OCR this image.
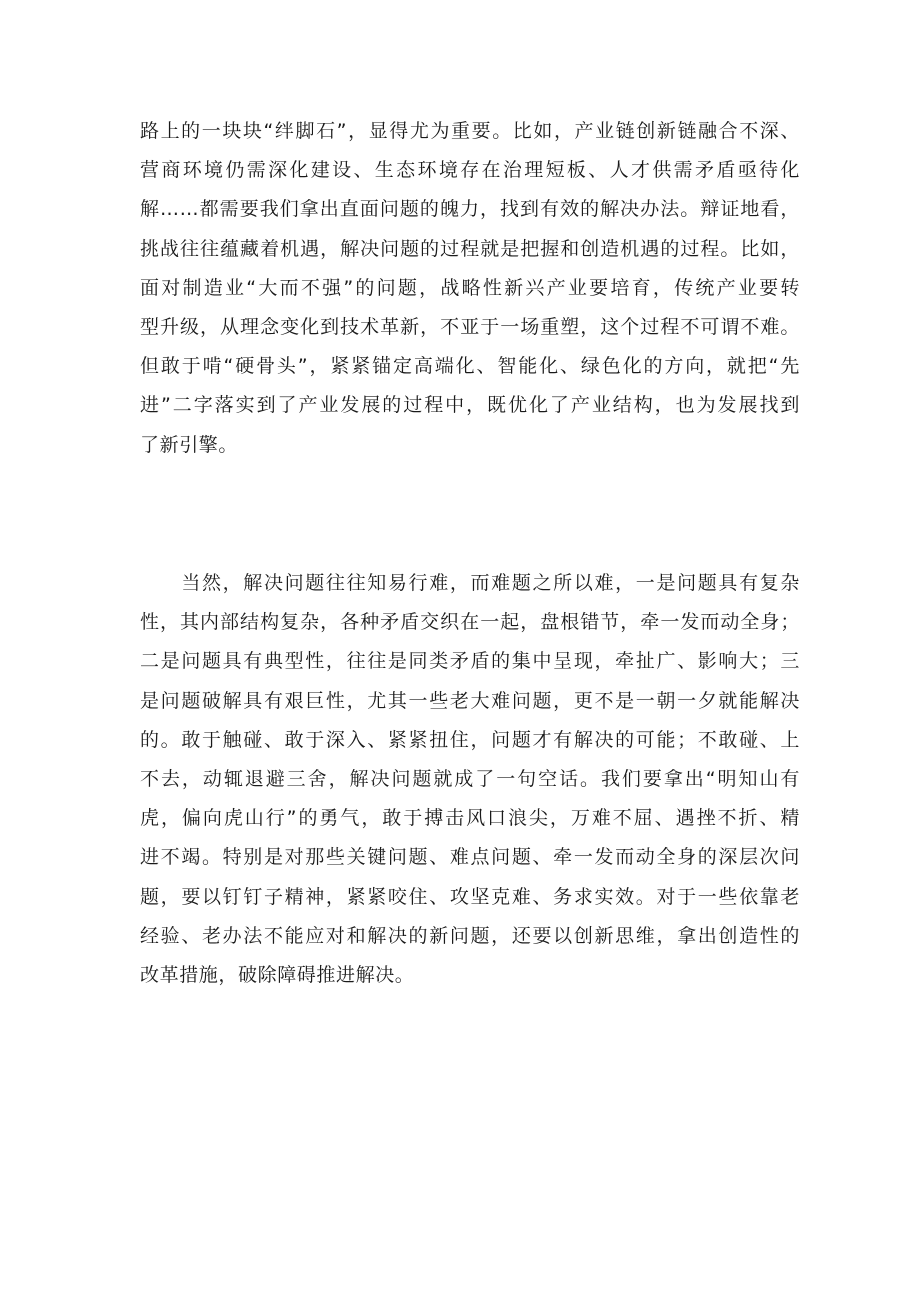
路上的一块块“绊脚石”，显得尤为重要。比如，产业链创新链融合不深、
营商环境仍需深化建设、生态环境存在治理短板、人才供需矛盾亟待化
解……都需要我们拿出直面问题的魄力，找到有效的解决办法。辩证地看，
挑战往往蕴藏着机遇，解决问题的过程就是把握和创造机遇的过程。比如，
面对制造业“大而不强”的问题，战略性新兴产业要培育，传统产业要转
型升级，从理念变化到技术革新，不亚于一场重塑，这个过程不可谓不难。
但敢于啃“硬骨头”，紧紧锚定高端化、智能化、绿色化的方向，就把“先
进”二字落实到了产业发展的过程中，既优化了产业结构，也为发展找到
了新引擎。
　　当然，解决问题往往知易行难，而难题之所以难，一是问题具有复杂
性，其内部结构复杂，各种矛盾交织在一起，盘根错节，牵一发而动全身；
二是问题具有典型性，往往是同类矛盾的集中呈现，牵扯广、影响大；三
是问题破解具有艰巨性，尤其一些老大难问题，更不是一朝一夕就能解决
的。敢于触碰、敢于深入、紧紧扭住，问题才有解决的可能；不敢碰、上
不去，动辄退避三舍，解决问题就成了一句空话。我们要拿出“明知山有
虎，偏向虎山行”的勇气，敢于搏击风口浪尖，万难不屈、遇挫不折、精
进不竭。特别是对那些关键问题、难点问题、牵一发而动全身的深层次问
题，要以钉钉子精神，紧紧咬住、攻坚克难、务求实效。对于一些依靠老
经验、老办法不能应对和解决的新问题，还要以创新思维，拿出创造性的
改革措施，破除障碍推进解决。
